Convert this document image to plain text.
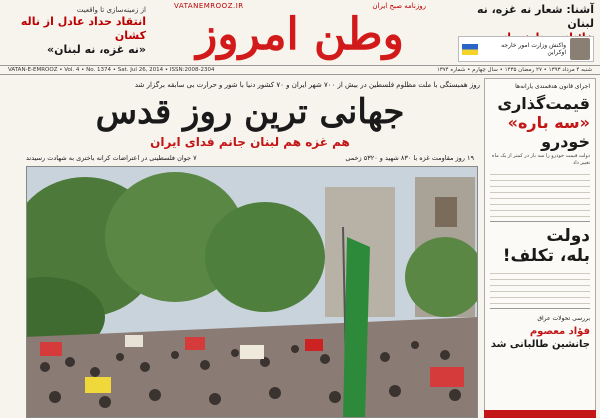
آشنا: شعار نه غزه، نه لبنان
واکنش وزارت امور خارجه اوکراین
VATANEMROOZ.IR	روزنامه صبح ایران
وطن امروز
از زمینه‌سازی تا واقعیت
انتقاد حداد عادل از ناله کشان
«نه غزه، نه لبنان»
VATAN-E-EMROOZ • Vol. 4 • No. 1374 • Sat. Jul 26, 2014 • ISSN:2008-2304	شنبه ۴ مرداد ۱۳۹۳ • ۲۷ رمضان ۱۴۳۵ • سال چهارم • شماره ۱۳۷۴
روز همبستگی با ملت مظلوم فلسطین در بیش از ۷۰۰ شهر ایران و ۷۰ کشور دنیا با شور و حرارت بی سابقه برگزار شد
جهانی ترین روز قدس
هم غزه هم لبنان جانم فدای ایران
۱۹ روز مقاومت غزه با ۸۳۰ شهید و ۵۳۲۰ زخمی
۷ جوان فلسطینی در اعتراضات کرانه باختری به شهادت رسیدند
اجرای قانون هدفمندی یارانه‌ها
قیمت‌گذاری
«سه باره»
خودرو
دولت قیمت خودرو را سه بار در کمتر از یک ماه تغییر داد
دولت
بله، تکلف!
بررسی تحولات عراق
فؤاد معصوم
جانشین طالبانی شد
